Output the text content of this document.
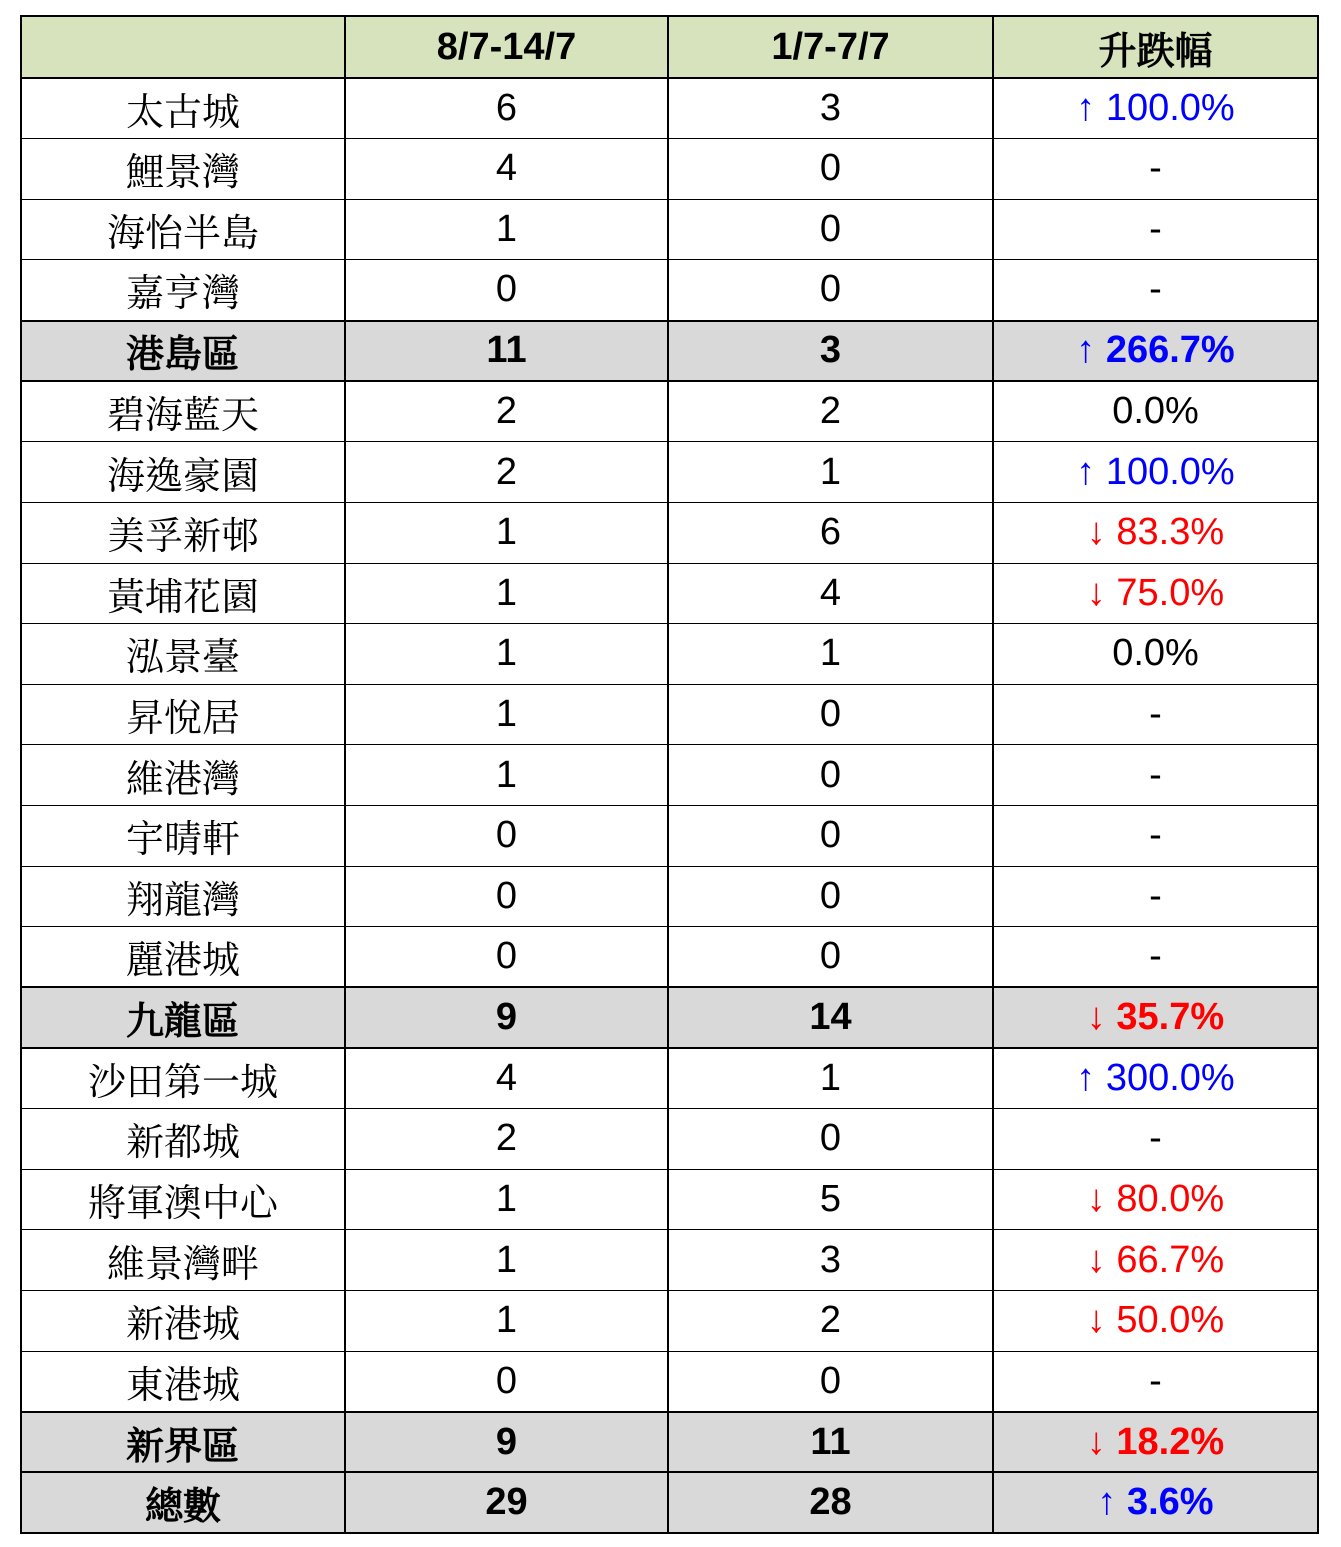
	8/7-14/7	1/7-7/7	升跌幅
太古城	6	3	↑ 100.0%
鯉景灣	4	0	-
海怡半島	1	0	-
嘉亨灣	0	0	-
港島區	11	3	↑ 266.7%
碧海藍天	2	2	0.0%
海逸豪園	2	1	↑ 100.0%
美孚新邨	1	6	↓ 83.3%
黃埔花園	1	4	↓ 75.0%
泓景臺	1	1	0.0%
昇悅居	1	0	-
維港灣	1	0	-
宇晴軒	0	0	-
翔龍灣	0	0	-
麗港城	0	0	-
九龍區	9	14	↓ 35.7%
沙田第一城	4	1	↑ 300.0%
新都城	2	0	-
將軍澳中心	1	5	↓ 80.0%
維景灣畔	1	3	↓ 66.7%
新港城	1	2	↓ 50.0%
東港城	0	0	-
新界區	9	11	↓ 18.2%
總數	29	28	↑ 3.6%
